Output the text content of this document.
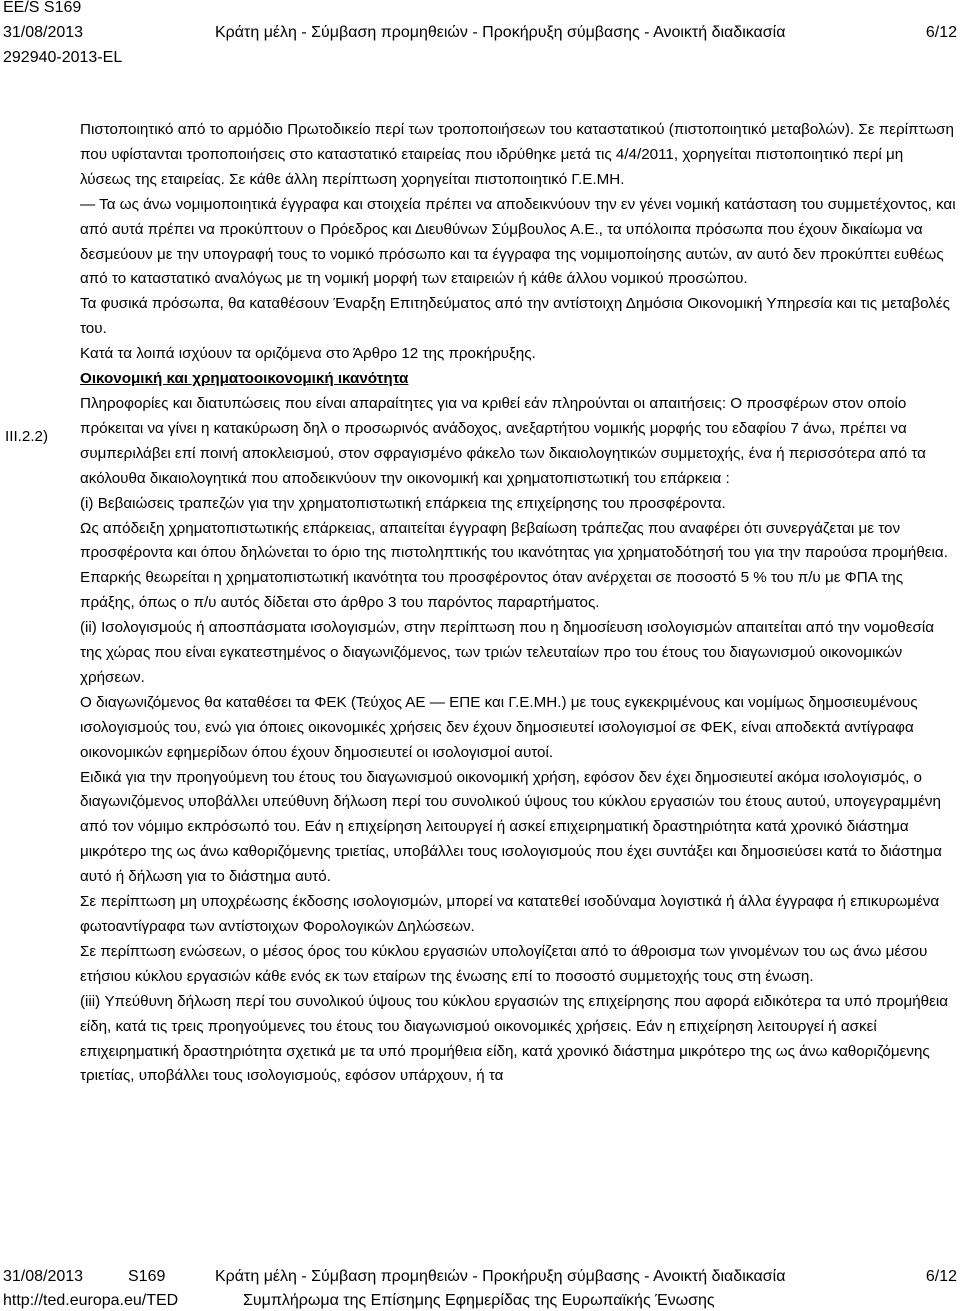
EE/S S169
31/08/2013
292940-2013-EL
Κράτη μέλη - Σύμβαση προμηθειών - Προκήρυξη σύμβασης - Ανοικτή διαδικασία	6/12

Πιστοποιητικό από το αρμόδιο Πρωτοδικείο περί των τροποποιήσεων του καταστατικού (πιστοποιητικό μεταβολών). Σε περίπτωση που υφίστανται τροποποιήσεις στο καταστατικό εταιρείας που ιδρύθηκε μετά τις 4/4/2011, χορηγείται πιστοποιητικό περί μη λύσεως της εταιρείας. Σε κάθε άλλη περίπτωση χορηγείται πιστοποιητικό Γ.Ε.ΜΗ.

— Τα ως άνω νομιμοποιητικά έγγραφα και στοιχεία πρέπει να αποδεικνύουν την εν γένει νομική κατάσταση του συμμετέχοντος, και από αυτά πρέπει να προκύπτουν ο Πρόεδρος και Διευθύνων Σύμβουλος Α.Ε., τα υπόλοιπα πρόσωπα που έχουν δικαίωμα να δεσμεύουν με την υπογραφή τους το νομικό πρόσωπο και τα έγγραφα της νομιμοποίησης αυτών, αν αυτό δεν προκύπτει ευθέως από το καταστατικό αναλόγως με τη νομική μορφή των εταιρειών ή κάθε άλλου νομικού προσώπου.

Τα φυσικά πρόσωπα, θα καταθέσουν Έναρξη Επιτηδεύματος από την αντίστοιχη Δημόσια Οικονομική Υπηρεσία και τις μεταβολές του.

Κατά τα λοιπά ισχύουν τα οριζόμενα στο Άρθρο 12 της προκήρυξης.

Οικονομική και χρηματοοικονομική ικανότητα

Πληροφορίες και διατυπώσεις που είναι απαραίτητες για να κριθεί εάν πληρούνται οι απαιτήσεις: Ο προσφέρων στον οποίο πρόκειται να γίνει η κατακύρωση δηλ ο προσωρινός ανάδοχος, ανεξαρτήτου νομικής μορφής του εδαφίου 7 άνω, πρέπει να συμπεριλάβει επί ποινή αποκλεισμού, στον σφραγισμένο φάκελο των δικαιολογητικών συμμετοχής, ένα ή περισσότερα από τα ακόλουθα δικαιολογητικά που αποδεικνύουν την οικονομική και χρηματοπιστωτική του επάρκεια :

(i) Βεβαιώσεις τραπεζών για την χρηματοπιστωτική επάρκεια της επιχείρησης του προσφέροντα.

Ως απόδειξη χρηματοπιστωτικής επάρκειας, απαιτείται έγγραφη βεβαίωση τράπεζας που αναφέρει ότι συνεργάζεται με τον προσφέροντα και όπου δηλώνεται το όριο της πιστοληπτικής του ικανότητας για χρηματοδότησή του για την παρούσα προμήθεια.

Επαρκής θεωρείται η χρηματοπιστωτική ικανότητα του προσφέροντος όταν ανέρχεται σε ποσοστό 5 % του π/υ με ΦΠΑ της πράξης, όπως ο π/υ αυτός δίδεται στο άρθρο 3 του παρόντος παραρτήματος.

(ii) Ισολογισμούς ή αποσπάσματα ισολογισμών, στην περίπτωση που η δημοσίευση ισολογισμών απαιτείται από την νομοθεσία της χώρας που είναι εγκατεστημένος ο διαγωνιζόμενος, των τριών τελευταίων προ του έτους του διαγωνισμού οικονομικών χρήσεων.

Ο διαγωνιζόμενος θα καταθέσει τα ΦΕΚ (Τεύχος ΑΕ — ΕΠΕ και Γ.Ε.ΜΗ.) με τους εγκεκριμένους και νομίμως δημοσιευμένους ισολογισμούς του, ενώ για όποιες οικονομικές χρήσεις δεν έχουν δημοσιευτεί ισολογισμοί σε ΦΕΚ, είναι αποδεκτά αντίγραφα οικονομικών εφημερίδων όπου έχουν δημοσιευτεί οι ισολογισμοί αυτοί.

Ειδικά για την προηγούμενη του έτους του διαγωνισμού οικονομική χρήση, εφόσον δεν έχει δημοσιευτεί ακόμα ισολογισμός, ο διαγωνιζόμενος υποβάλλει υπεύθυνη δήλωση περί του συνολικού ύψους του κύκλου εργασιών του έτους αυτού, υπογεγραμμένη από τον νόμιμο εκπρόσωπό του. Εάν η επιχείρηση λειτουργεί ή ασκεί επιχειρηματική δραστηριότητα κατά χρονικό διάστημα μικρότερο της ως άνω καθοριζόμενης τριετίας, υποβάλλει τους ισολογισμούς που έχει συντάξει και δημοσιεύσει κατά το διάστημα αυτό ή δήλωση για το διάστημα αυτό.

Σε περίπτωση μη υποχρέωσης έκδοσης ισολογισμών, μπορεί να κατατεθεί ισοδύναμα λογιστικά ή άλλα έγγραφα ή επικυρωμένα φωτοαντίγραφα των αντίστοιχων Φορολογικών Δηλώσεων.

Σε περίπτωση ενώσεων, ο μέσος όρος του κύκλου εργασιών υπολογίζεται από το άθροισμα των γινομένων του ως άνω μέσου ετήσιου κύκλου εργασιών κάθε ενός εκ των εταίρων της ένωσης επί το ποσοστό συμμετοχής τους στη ένωση.

(iii) Υπεύθυνη δήλωση περί του συνολικού ύψους του κύκλου εργασιών της επιχείρησης που αφορά ειδικότερα τα υπό προμήθεια είδη, κατά τις τρεις προηγούμενες του έτους του διαγωνισμού οικονομικές χρήσεις. Εάν η επιχείρηση λειτουργεί ή ασκεί επιχειρηματική δραστηριότητα σχετικά με τα υπό προμήθεια είδη, κατά χρονικό διάστημα μικρότερο της ως άνω καθοριζόμενης τριετίας, υποβάλλει τους ισολογισμούς, εφόσον υπάρχουν, ή τα

III.2.2)
31/08/2013	S169	Κράτη μέλη - Σύμβαση προμηθειών - Προκήρυξη σύμβασης - Ανοικτή διαδικασία	6/12
http://ted.europa.eu/TED	Συμπλήρωμα της Επίσημης Εφημερίδας της Ευρωπαϊκής Ένωσης
